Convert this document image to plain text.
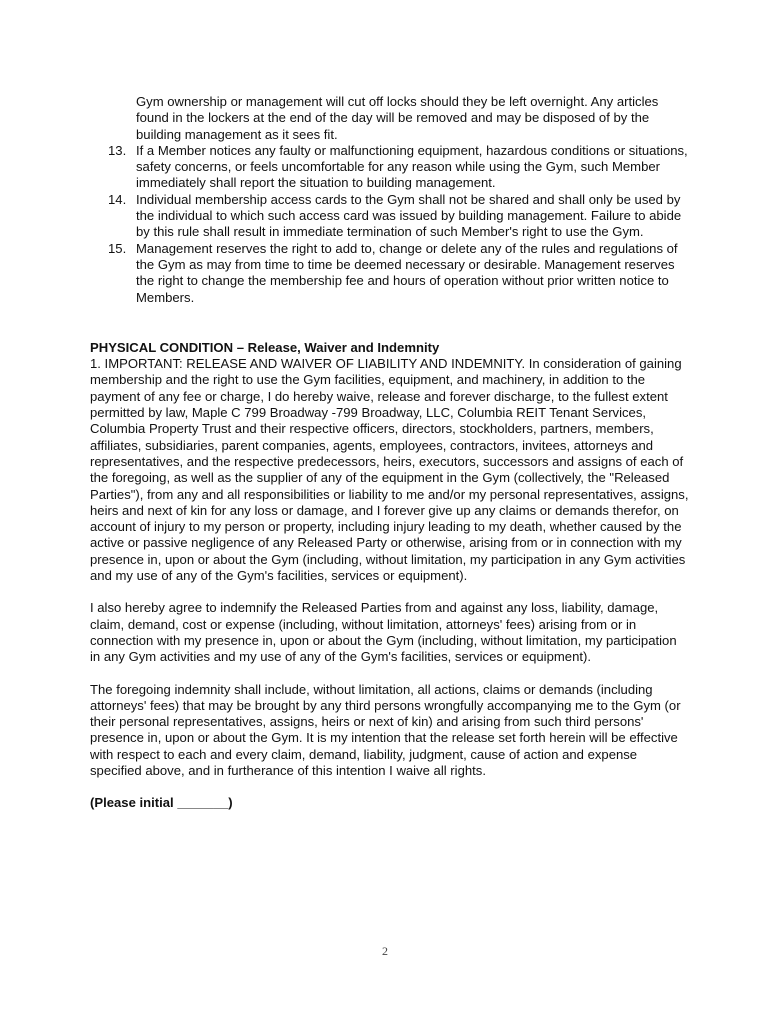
Gym ownership or management will cut off locks should they be left overnight. Any articles found in the lockers at the end of the day will be removed and may be disposed of by the building management as it sees fit.

13. If a Member notices any faulty or malfunctioning equipment, hazardous conditions or situations, safety concerns, or feels uncomfortable for any reason while using the Gym, such Member immediately shall report the situation to building management.
14. Individual membership access cards to the Gym shall not be shared and shall only be used by the individual to which such access card was issued by building management. Failure to abide by this rule shall result in immediate termination of such Member's right to use the Gym.
15. Management reserves the right to add to, change or delete any of the rules and regulations of the Gym as may from time to time be deemed necessary or desirable. Management reserves the right to change the membership fee and hours of operation without prior written notice to Members.
PHYSICAL CONDITION – Release, Waiver and Indemnity

1. IMPORTANT: RELEASE AND WAIVER OF LIABILITY AND INDEMNITY. In consideration of gaining membership and the right to use the Gym facilities, equipment, and machinery, in addition to the payment of any fee or charge, I do hereby waive, release and forever discharge, to the fullest extent permitted by law, Maple C 799 Broadway -799 Broadway, LLC, Columbia REIT Tenant Services, Columbia Property Trust and their respective officers, directors, stockholders, partners, members, affiliates, subsidiaries, parent companies, agents, employees, contractors, invitees, attorneys and representatives, and the respective predecessors, heirs, executors, successors and assigns of each of the foregoing, as well as the supplier of any of the equipment in the Gym (collectively, the "Released Parties"), from any and all responsibilities or liability to me and/or my personal representatives, assigns, heirs and next of kin for any loss or damage, and I forever give up any claims or demands therefor, on account of injury to my person or property, including injury leading to my death, whether caused by the active or passive negligence of any Released Party or otherwise, arising from or in connection with my presence in, upon or about the Gym (including, without limitation, my participation in any Gym activities and my use of any of the Gym's facilities, services or equipment).

I also hereby agree to indemnify the Released Parties from and against any loss, liability, damage, claim, demand, cost or expense (including, without limitation, attorneys' fees) arising from or in connection with my presence in, upon or about the Gym (including, without limitation, my participation in any Gym activities and my use of any of the Gym's facilities, services or equipment).

The foregoing indemnity shall include, without limitation, all actions, claims or demands (including attorneys' fees) that may be brought by any third persons wrongfully accompanying me to the Gym (or their personal representatives, assigns, heirs or next of kin) and arising from such third persons' presence in, upon or about the Gym. It is my intention that the release set forth herein will be effective with respect to each and every claim, demand, liability, judgment, cause of action and expense specified above, and in furtherance of this intention I waive all rights.

(Please initial _______)

2
